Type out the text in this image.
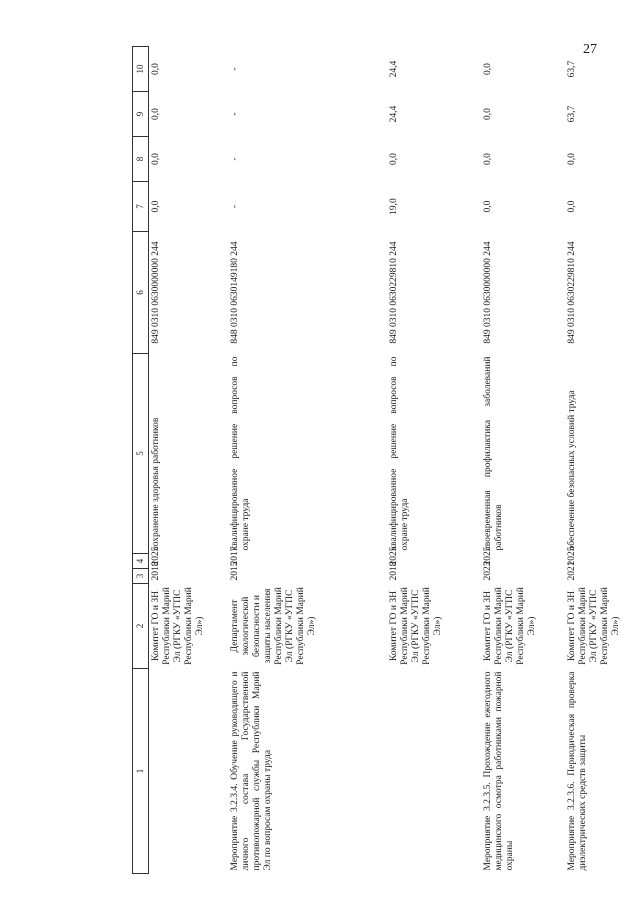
27
1	2	3	4	5	6	7	8	9	10
	Комитет ГО и ЗН Республики Марий Эл (РГКУ «УГПС Республики Марий Эл»)	2018	2025	сохранение здоровья работников	849 0310 0630000000 244	0,0	0,0	0,0	0,0
Мероприятие 3.2.3.4. Обучение руководящего и личного состава Государственной противопожарной службы Республики Марий Эл по вопросам охраны труда	Департамент экологической безопасности и защиты населения Республики Марий Эл (РГКУ «УГПС Республики Марий Эл»)	2015	2017	квалифицированное решение вопросов по охране труда	848 0310 0630149180 244	-	-	-	-
	Комитет ГО и ЗН Республики Марий Эл (РГКУ «УГПС Республики Марий Эл»)	2018	2025	квалифицированное решение вопросов по охране труда	849 0310 0630229810 244	19,0	0,0	24,4	24,4
Мероприятие 3.2.3.5. Прохождение ежегодного медицинского осмотра работниками пожарной охраны	Комитет ГО и ЗН Республики Марий Эл (РГКУ «УГПС Республики Марий Эл»)	2023	2025	своевременная профилактика заболеваний работников	849 0310 0630000000 244	0,0	0,0	0,0	0,0
Мероприятие 3.2.3.6. Периодическая проверка диэлектрических средств защиты	Комитет ГО и ЗН Республики Марий Эл (РГКУ «УГПС Республики Марий Эл»)	2021	2025	обеспечение безопасных условий труда	849 0310 0630229810 244	0,0	0,0	63,7	63,7
